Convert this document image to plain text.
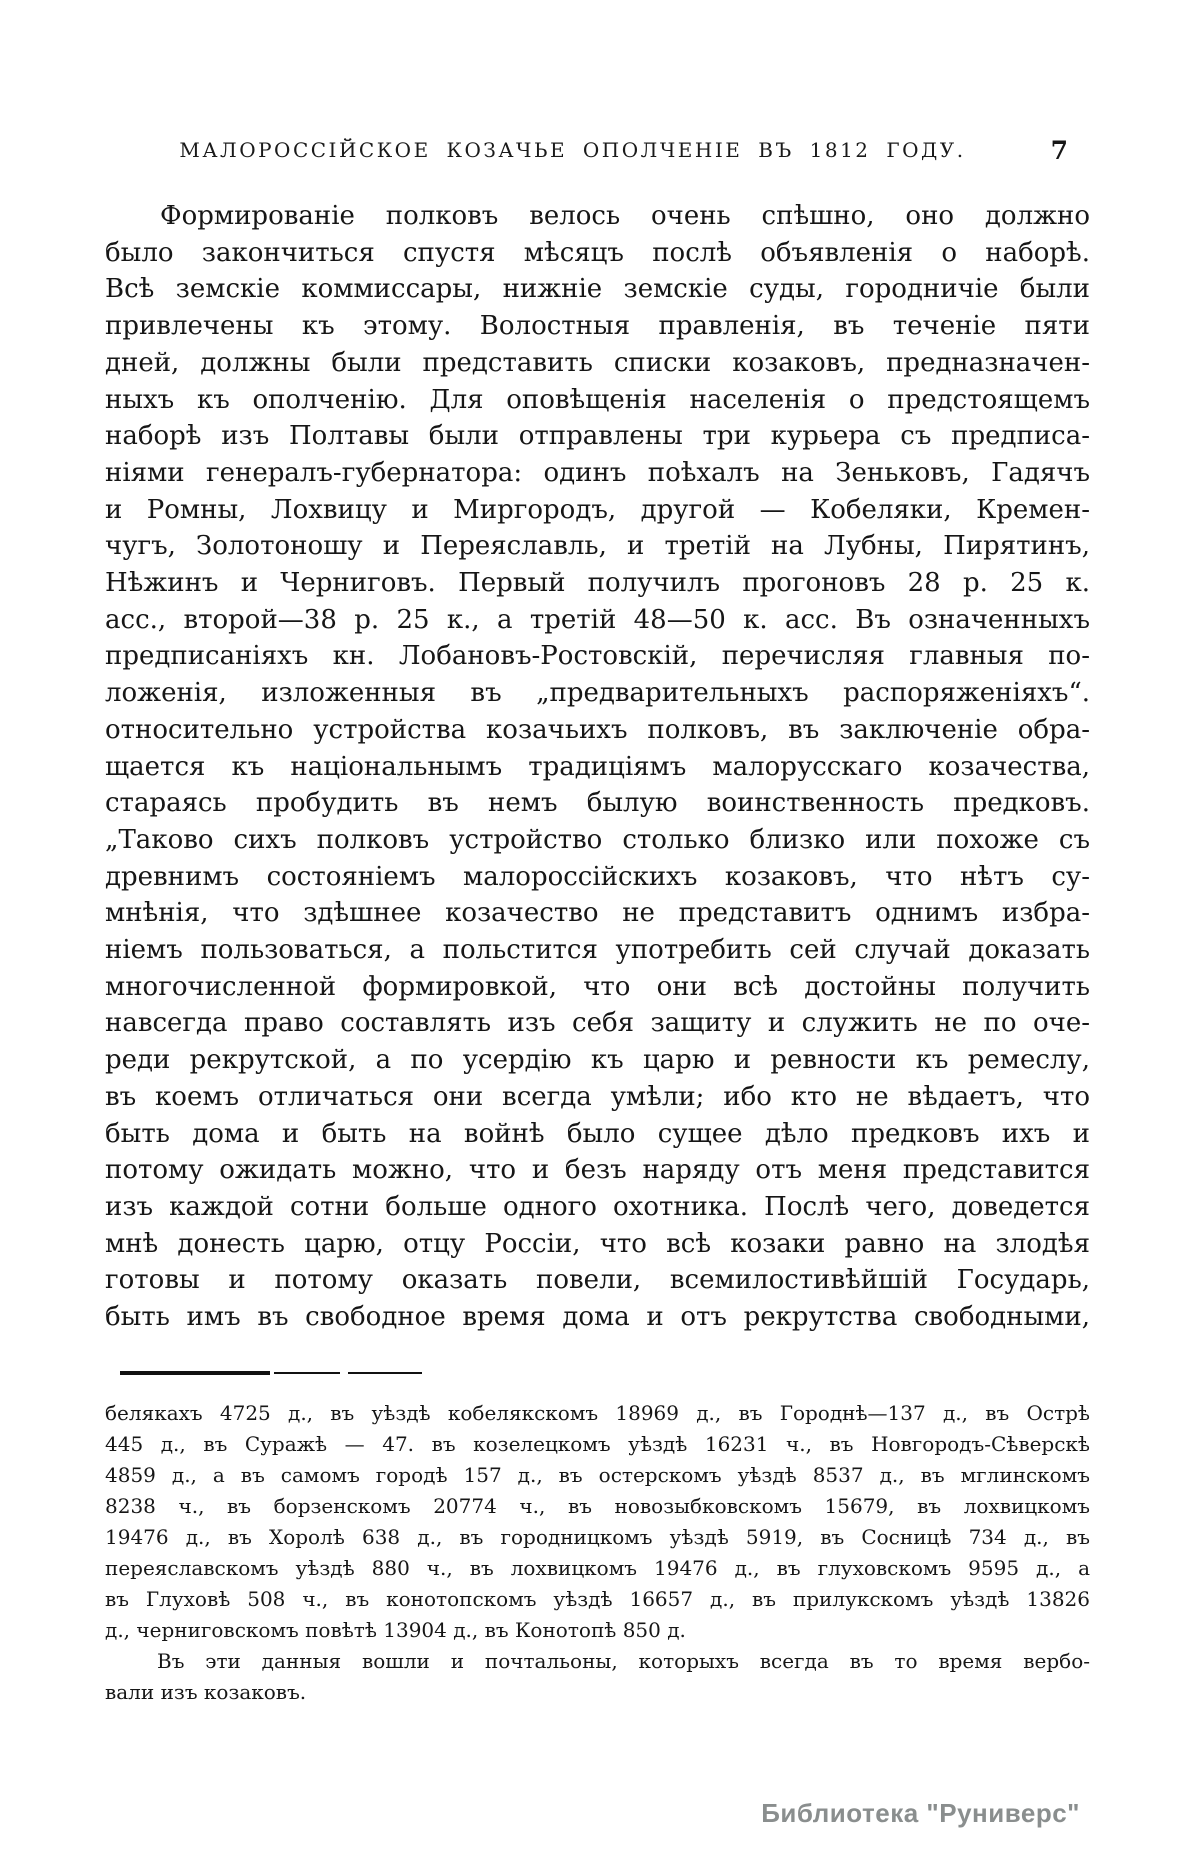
МАЛОРОССІЙСКОЕ КОЗАЧЬЕ ОПОЛЧЕНІЕ ВЪ 1812 ГОДУ.	7
Формированіе полковъ велось очень спѣшно, оно должно
было закончиться спустя мѣсяцъ послѣ объявленія о наборѣ.
Всѣ земскіе коммиссары, нижніе земскіе суды, городничіе были
привлечены къ этому. Волостныя правленія, въ теченіе пяти
дней, должны были представить списки козаковъ, предназначен-
ныхъ къ ополченію. Для оповѣщенія населенія о предстоящемъ
наборѣ изъ Полтавы были отправлены три курьера съ предписа-
ніями генералъ-губернатора: одинъ поѣхалъ на Зеньковъ, Гадячъ
и Ромны, Лохвицу и Миргородъ, другой — Кобеляки, Кремен-
чугъ, Золотоношу и Переяславль, и третій на Лубны, Пирятинъ,
Нѣжинъ и Черниговъ. Первый получилъ прогоновъ 28 р. 25 к.
асс., второй—38 р. 25 к., а третій 48—50 к. асс. Въ означенныхъ
предписаніяхъ кн. Лобановъ-Ростовскій, перечисляя главныя по-
ложенія, изложенныя въ „предварительныхъ распоряженіяхъ“.
относительно устройства козачьихъ полковъ, въ заключеніе обра-
щается къ національнымъ традиціямъ малорусскаго козачества,
стараясь пробудить въ немъ былую воинственность предковъ.
„Таково сихъ полковъ устройство столько близко или похоже съ
древнимъ состояніемъ малороссійскихъ козаковъ, что нѣтъ су-
мнѣнія, что здѣшнее козачество не представитъ однимъ избра-
ніемъ пользоваться, а польстится употребить сей случай доказать
многочисленной формировкой, что они всѣ достойны получить
навсегда право составлять изъ себя защиту и служить не по оче-
реди рекрутской, а по усердію къ царю и ревности къ ремеслу,
въ коемъ отличаться они всегда умѣли; ибо кто не вѣдаетъ, что
быть дома и быть на войнѣ было сущее дѣло предковъ ихъ и
потому ожидать можно, что и безъ наряду отъ меня представится
изъ каждой сотни больше одного охотника. Послѣ чего, доведется
мнѣ донесть царю, отцу Россіи, что всѣ козаки равно на злодѣя
готовы и потому оказать повели, всемилостивѣйшій Государь,
быть имъ въ свободное время дома и отъ рекрутства свободными,
белякахъ 4725 д., въ уѣздѣ кобелякскомъ 18969 д., въ Городнѣ—137 д., въ Острѣ
445 д., въ Суражѣ — 47. въ козелецкомъ уѣздѣ 16231 ч., въ Новгородъ-Сѣверскѣ
4859 д., а въ самомъ городѣ 157 д., въ остерскомъ уѣздѣ 8537 д., въ мглинскомъ
8238 ч., въ борзенскомъ 20774 ч., въ новозыбковскомъ 15679, въ лохвицкомъ
19476 д., въ Хоролѣ 638 д., въ городницкомъ уѣздѣ 5919, въ Сосницѣ 734 д., въ
переяславскомъ уѣздѣ 880 ч., въ лохвицкомъ 19476 д., въ глуховскомъ 9595 д., а
въ Глуховѣ 508 ч., въ конотопскомъ уѣздѣ 16657 д., въ прилукскомъ уѣздѣ 13826
д., черниговскомъ повѣтѣ 13904 д., въ Конотопѣ 850 д.
Въ эти данныя вошли и почтальоны, которыхъ всегда въ то время вербо-
вали изъ козаковъ.
Библиотека "Руниверс"
